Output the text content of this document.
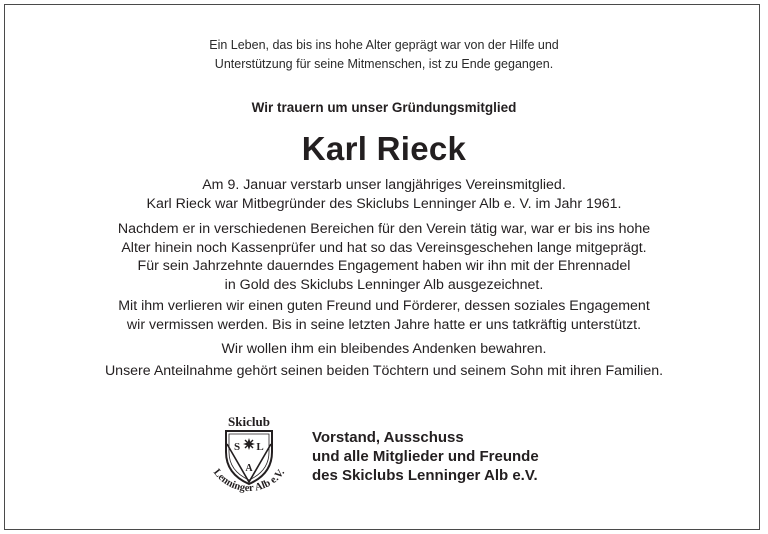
Ein Leben, das bis ins hohe Alter geprägt war von der Hilfe und
Unterstützung für seine Mitmenschen, ist zu Ende gegangen.
Wir trauern um unser Gründungsmitglied
Karl Rieck
Am 9. Januar verstarb unser langjähriges Vereinsmitglied.
Karl Rieck war Mitbegründer des Skiclubs Lenninger Alb e. V. im Jahr 1961.
Nachdem er in verschiedenen Bereichen für den Verein tätig war, war er bis ins hohe
Alter hinein noch Kassenprüfer und hat so das Vereinsgeschehen lange mitgeprägt.
Für sein Jahrzehnte dauerndes Engagement haben wir ihn mit der Ehrennadel
in Gold des Skiclubs Lenninger Alb ausgezeichnet.
Mit ihm verlieren wir einen guten Freund und Förderer, dessen soziales Engagement
wir vermissen werden. Bis in seine letzten Jahre hatte er uns tatkräftig unterstützt.
Wir wollen ihm ein bleibendes Andenken bewahren.
Unsere Anteilnahme gehört seinen beiden Töchtern und seinem Sohn mit ihren Familien.
Skiclub
S L
A
Lenninger Alb e.V.
Vorstand, Ausschuss
und alle Mitglieder und Freunde
des Skiclubs Lenninger Alb e.V.
